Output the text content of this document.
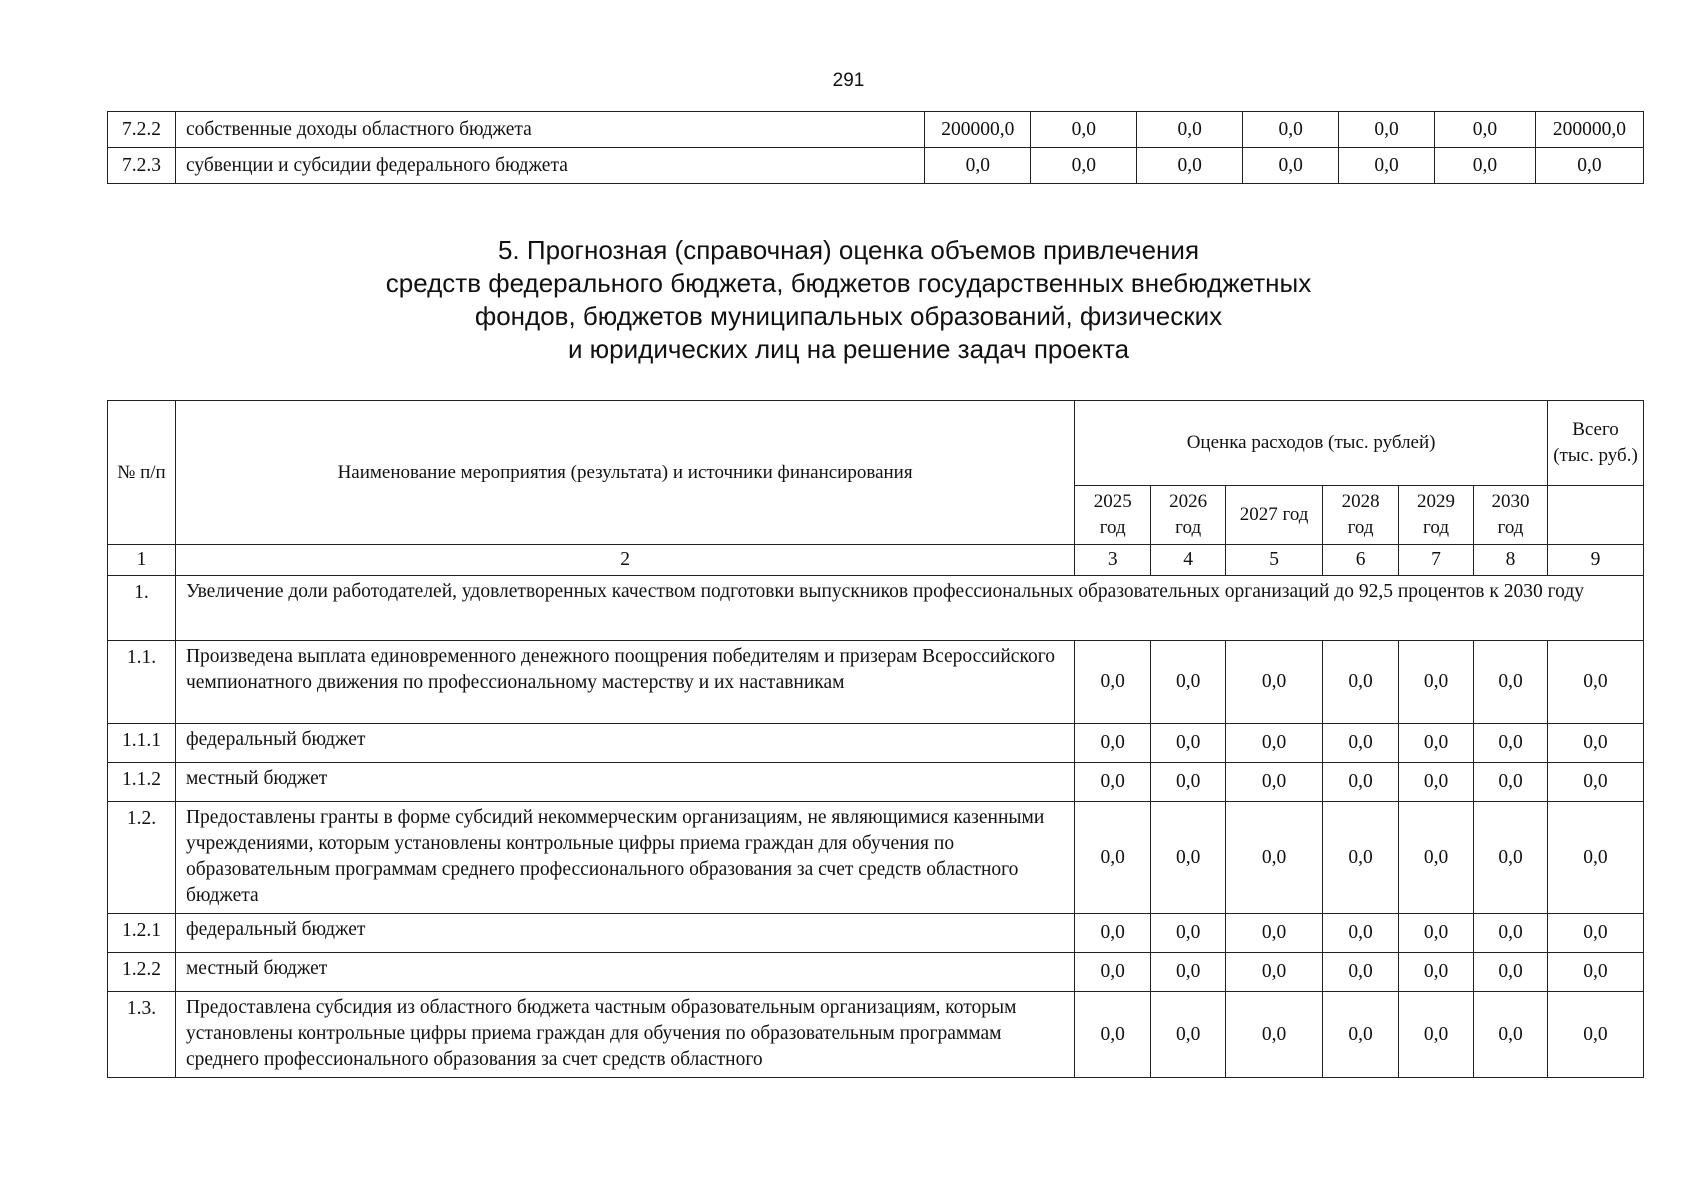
291
7.2.2	собственные доходы областного бюджета	200000,0	0,0	0,0	0,0	0,0	0,0	200000,0
7.2.3	субвенции и субсидии федерального бюджета	0,0	0,0	0,0	0,0	0,0	0,0	0,0
5. Прогнозная (справочная) оценка объемов привлечения
средств федерального бюджета, бюджетов государственных внебюджетных
фондов, бюджетов муниципальных образований, физических
и юридических лиц на решение задач проекта
№ п/п	Наименование мероприятия (результата) и источники финансирования	Оценка расходов (тыс. рублей)						Всего (тыс. руб.)
		2025 год	2026 год	2027 год	2028 год	2029 год	2030 год	
1	2	3	4	5	6	7	8	9
1.	Увеличение доли работодателей, удовлетворенных качеством подготовки выпускников профессиональных образовательных организаций до 92,5 процентов к 2030 году							
1.1.	Произведена выплата единовременного денежного поощрения победителям и призерам Всероссийского чемпионатного движения по профессиональному мастерству и их наставникам	0,0	0,0	0,0	0,0	0,0	0,0	0,0
1.1.1	федеральный бюджет	0,0	0,0	0,0	0,0	0,0	0,0	0,0
1.1.2	местный бюджет	0,0	0,0	0,0	0,0	0,0	0,0	0,0
1.2.	Предоставлены гранты в форме субсидий некоммерческим организациям, не являющимися казенными учреждениями, которым установлены контрольные цифры приема граждан для обучения по образовательным программам среднего профессионального образования за счет средств областного бюджета	0,0	0,0	0,0	0,0	0,0	0,0	0,0
1.2.1	федеральный бюджет	0,0	0,0	0,0	0,0	0,0	0,0	0,0
1.2.2	местный бюджет	0,0	0,0	0,0	0,0	0,0	0,0	0,0
1.3.	Предоставлена субсидия из областного бюджета частным образовательным организациям, которым установлены контрольные цифры приема граждан для обучения по образовательным программам среднего профессионального образования за счет средств областного	0,0	0,0	0,0	0,0	0,0	0,0	0,0
